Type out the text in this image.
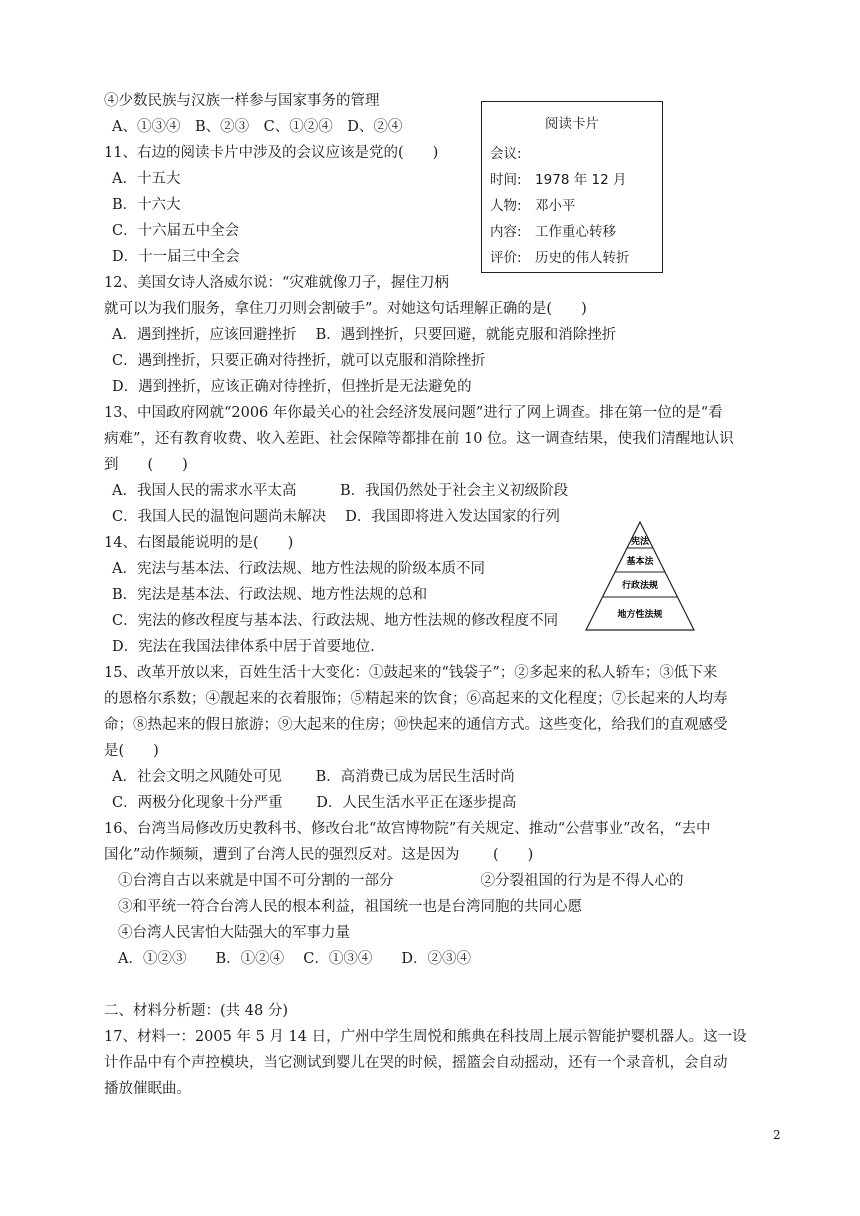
④少数民族与汉族一样参与国家事务的管理
A、①③④　B、②③　C、①②④　D、②④
11、右边的阅读卡片中涉及的会议应该是党的(　　)
A．十五大
B．十六大
C．十六届五中全会
D．十一届三中全会
阅读卡片
会议:
时间:　1978 年 12 月
人物:　邓小平
内容:　工作重心转移
评价:　历史的伟人转折
12、美国女诗人洛威尔说：“灾难就像刀子，握住刀柄
就可以为我们服务，拿住刀刃则会割破手”。对她这句话理解正确的是(　　)
A．遇到挫折，应该回避挫折　 B．遇到挫折，只要回避，就能克服和消除挫折
C．遇到挫折，只要正确对待挫折，就可以克服和消除挫折
D．遇到挫折，应该正确对待挫折，但挫折是无法避免的
13、中国政府网就“2006 年你最关心的社会经济发展问题”进行了网上调查。排在第一位的是“看
病难”，还有教育收费、收入差距、社会保障等都排在前 10 位。这一调查结果，使我们清醒地认识
到　　(　　)
A．我国人民的需求水平太高　　　B．我国仍然处于社会主义初级阶段
C．我国人民的温饱问题尚未解决　 D．我国即将进入发达国家的行列
14、右图最能说明的是(　　)
A．宪法与基本法、行政法规、地方性法规的阶级本质不同
B．宪法是基本法、行政法规、地方性法规的总和
C．宪法的修改程度与基本法、行政法规、地方性法规的修改程度不同
D．宪法在我国法律体系中居于首要地位.
宪法
基本法
行政法规
地方性法规
15、改革开放以来，百姓生活十大变化：①鼓起来的“钱袋子”；②多起来的私人轿车；③低下来
的恩格尔系数；④靓起来的衣着服饰；⑤精起来的饮食；⑥高起来的文化程度；⑦长起来的人均寿
命；⑧热起来的假日旅游；⑨大起来的住房；⑩快起来的通信方式。这些变化，给我们的直观感受
是(　　)
A．社会文明之风随处可见　　 B．高消费已成为居民生活时尚
C．两极分化现象十分严重　　 D．人民生活水平正在逐步提高
16、台湾当局修改历史教科书、修改台北“故宫博物院”有关规定、推动“公营事业”改名，“去中
国化”动作频频，遭到了台湾人民的强烈反对。这是因为　　 (　　)
①台湾自古以来就是中国不可分割的一部分　　　　　　②分裂祖国的行为是不得人心的
③和平统一符合台湾人民的根本利益，祖国统一也是台湾同胞的共同心愿
④台湾人民害怕大陆强大的军事力量
A．①②③　　B．①②④　 C．①③④　　D．②③④
二、材料分析题：(共 48 分)
17、材料一：2005 年 5 月 14 日，广州中学生周悦和熊典在科技周上展示智能护婴机器人。这一设
计作品中有个声控模块，当它测试到婴儿在哭的时候，摇篮会自动摇动，还有一个录音机，会自动
播放催眠曲。
2
